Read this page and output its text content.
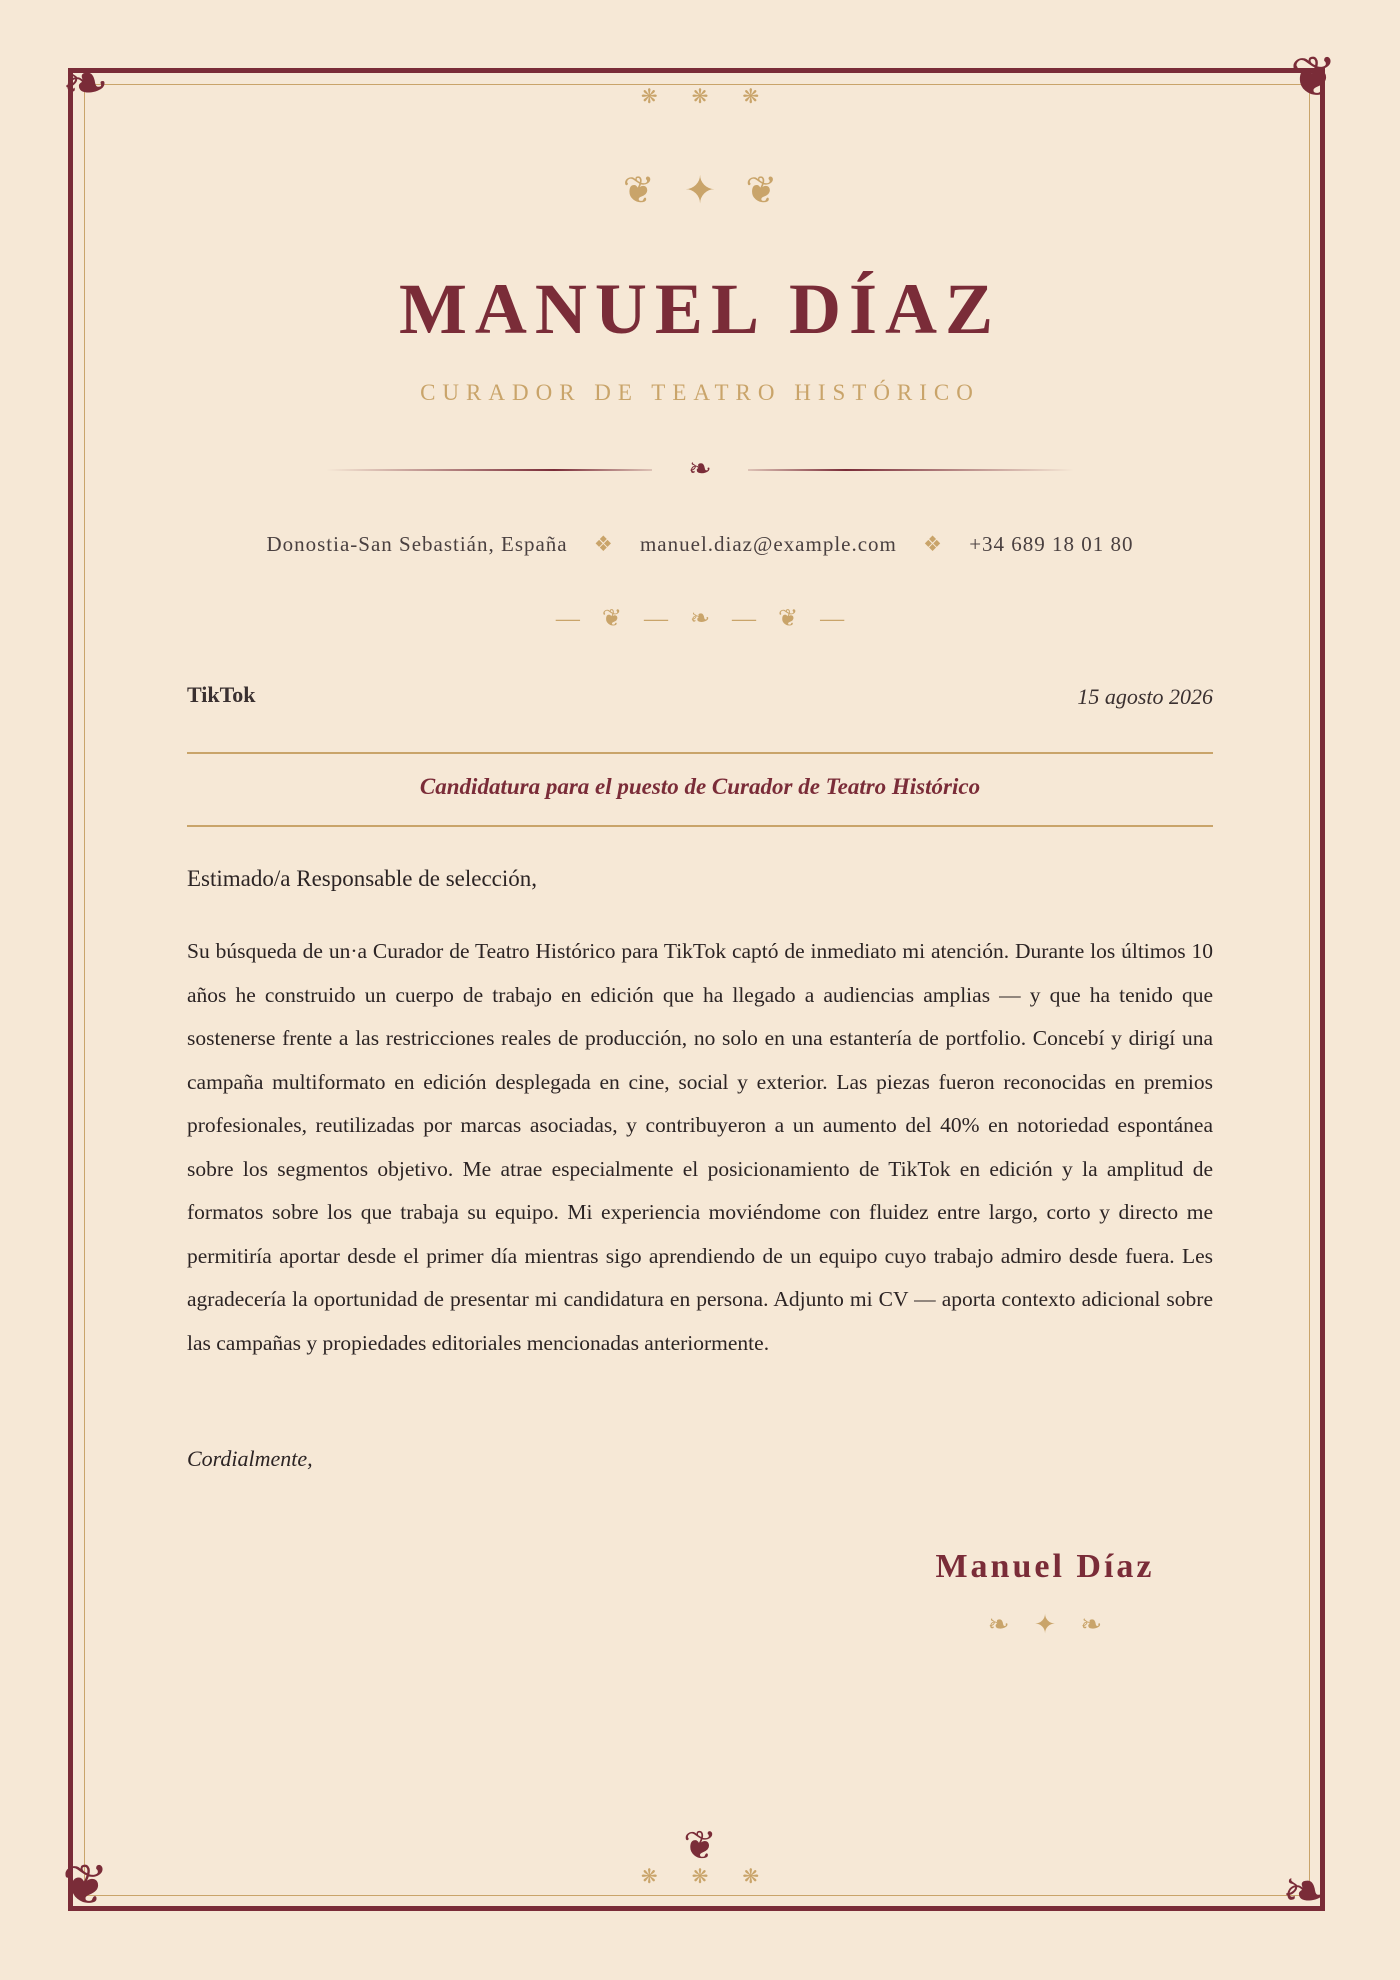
❧	❦
❦	❧
❋❋❋
❦ ✦ ❦
MANUEL DÍAZ
CURADOR DE TEATRO HISTÓRICO
❧
Donostia-San Sebastián, España ❖ manuel.diaz@example.com ❖ +34 689 18 01 80
— ❦ — ❧ — ❦ —
TikTok	15 agosto 2026
Candidatura para el puesto de Curador de Teatro Histórico
Estimado/a Responsable de selección,

Su búsqueda de un·a Curador de Teatro Histórico para TikTok captó de inmediato mi atención. Durante los últimos 10 años he construido un cuerpo de trabajo en edición que ha llegado a audiencias amplias — y que ha tenido que sostenerse frente a las restricciones reales de producción, no solo en una estantería de portfolio. Concebí y dirigí una campaña multiformato en edición desplegada en cine, social y exterior. Las piezas fueron reconocidas en premios profesionales, reutilizadas por marcas asociadas, y contribuyeron a un aumento del 40% en notoriedad espontánea sobre los segmentos objetivo. Me atrae especialmente el posicionamiento de TikTok en edición y la amplitud de formatos sobre los que trabaja su equipo. Mi experiencia moviéndome con fluidez entre largo, corto y directo me permitiría aportar desde el primer día mientras sigo aprendiendo de un equipo cuyo trabajo admiro desde fuera. Les agradecería la oportunidad de presentar mi candidatura en persona. Adjunto mi CV — aporta contexto adicional sobre las campañas y propiedades editoriales mencionadas anteriormente.

Cordialmente,
Manuel Díaz
❧ ✦ ❧
❦
❋❋❋
